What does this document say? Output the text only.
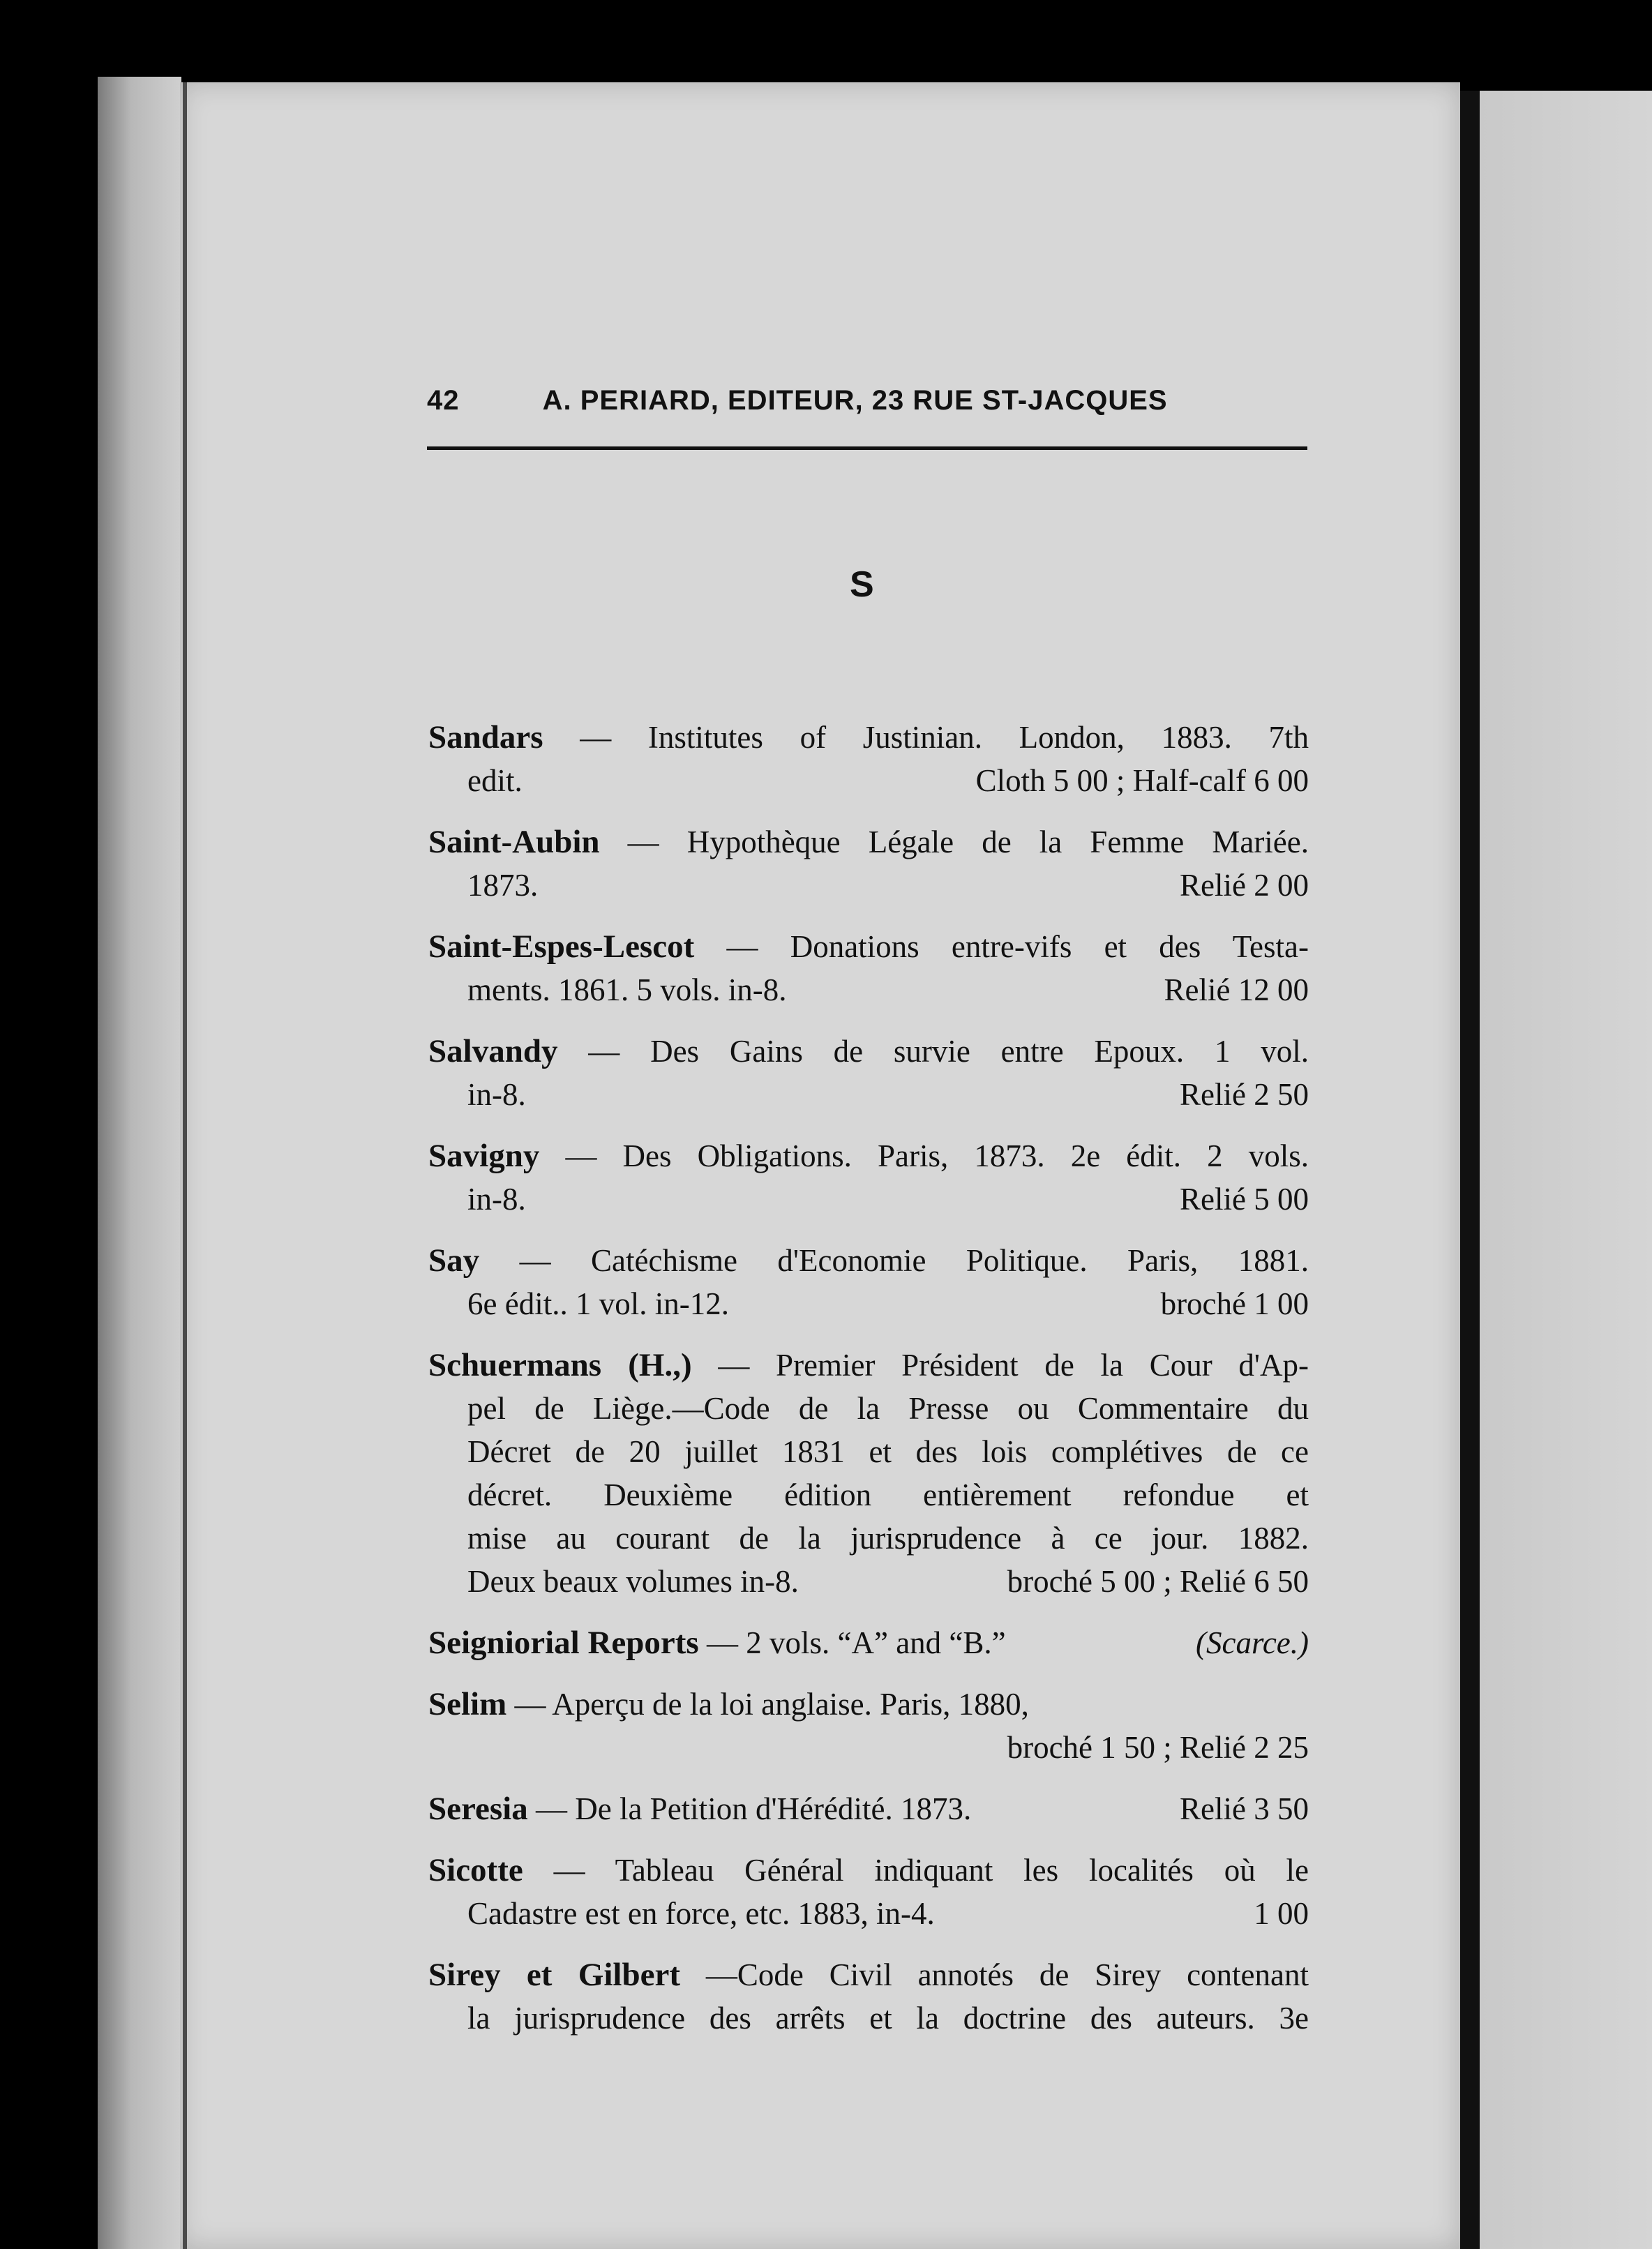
42	A. PERIARD, EDITEUR, 23 RUE ST-JACQUES
S
Sandars — Institutes of Justinian. London, 1883. 7th
edit.	Cloth 5 00 ; Half-calf 6 00
Saint-Aubin — Hypothèque Légale de la Femme Mariée.
1873.	Relié 2 00
Saint-Espes-Lescot — Donations entre-vifs et des Testa-
ments. 1861. 5 vols. in-8.	Relié 12 00
Salvandy — Des Gains de survie entre Epoux. 1 vol.
in-8.	Relié 2 50
Savigny — Des Obligations. Paris, 1873. 2e édit. 2 vols.
in-8.	Relié 5 00
Say — Catéchisme d'Economie Politique. Paris, 1881.
6e édit.. 1 vol. in-12.	broché 1 00
Schuermans (H.,) — Premier Président de la Cour d'Ap-
pel de Liège.—Code de la Presse ou Commentaire du
Décret de 20 juillet 1831 et des lois complétives de ce
décret. Deuxième édition entièrement refondue et
mise au courant de la jurisprudence à ce jour. 1882.
Deux beaux volumes in-8.	broché 5 00 ; Relié 6 50
Seigniorial Reports — 2 vols. “A” and “B.”	(Scarce.)
Selim — Aperçu de la loi anglaise. Paris, 1880,
broché 1 50 ; Relié 2 25
Seresia — De la Petition d'Hérédité. 1873.	Relié 3 50
Sicotte — Tableau Général indiquant les localités où le
Cadastre est en force, etc. 1883, in-4.	1 00
Sirey et Gilbert —Code Civil annotés de Sirey contenant
la jurisprudence des arrêts et la doctrine des auteurs. 3e
